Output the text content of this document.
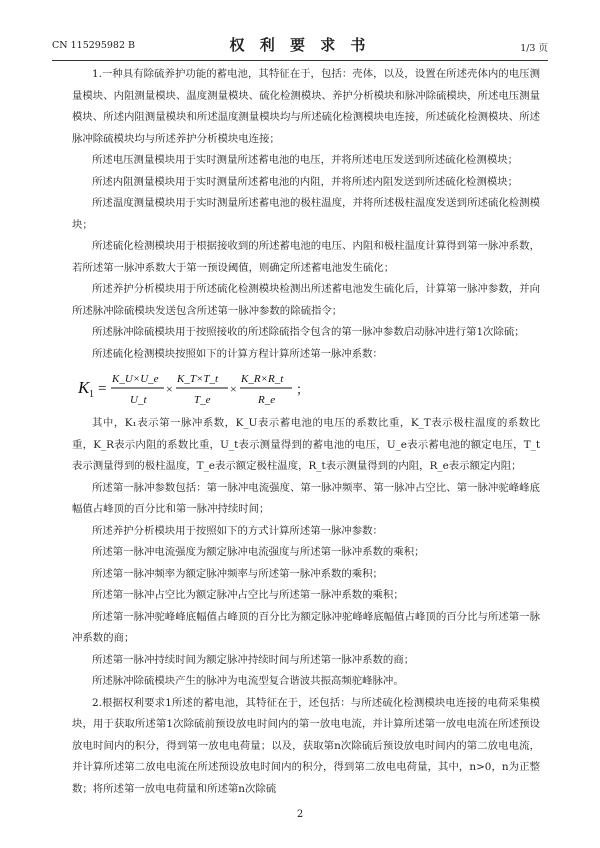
CN 115295982 B	权 利 要 求 书	1/3 页

1.一种具有除硫养护功能的蓄电池，其特征在于，包括：壳体，以及，设置在所述壳体内的电压测量模块、内阻测量模块、温度测量模块、硫化检测模块、养护分析模块和脉冲除硫模块，所述电压测量模块、所述内阻测量模块和所述温度测量模块均与所述硫化检测模块电连接，所述硫化检测模块、所述脉冲除硫模块均与所述养护分析模块电连接；

所述电压测量模块用于实时测量所述蓄电池的电压，并将所述电压发送到所述硫化检测模块；

所述内阻测量模块用于实时测量所述蓄电池的内阻，并将所述内阻发送到所述硫化检测模块；

所述温度测量模块用于实时测量所述蓄电池的极柱温度，并将所述极柱温度发送到所述硫化检测模块；

所述硫化检测模块用于根据接收到的所述蓄电池的电压、内阻和极柱温度计算得到第一脉冲系数，若所述第一脉冲系数大于第一预设阈值，则确定所述蓄电池发生硫化；

所述养护分析模块用于所述硫化检测模块检测出所述蓄电池发生硫化后，计算第一脉冲参数，并向所述脉冲除硫模块发送包含所述第一脉冲参数的除硫指令；

所述脉冲除硫模块用于按照接收的所述除硫指令包含的第一脉冲参数启动脉冲进行第1次除硫；

所述硫化检测模块按照如下的计算方程计算所述第一脉冲系数：

K 1 =
K_U×U_e
U_t
×
K_T×T_t
T_e
×
K_R×R_t
R_e
；

其中，K₁表示第一脉冲系数，K_U表示蓄电池的电压的系数比重，K_T表示极柱温度的系数比重，K_R表示内阻的系数比重，U_t表示测量得到的蓄电池的电压，U_e表示蓄电池的额定电压，T_t表示测量得到的极柱温度，T_e表示额定极柱温度，R_t表示测量得到的内阻，R_e表示额定内阻；

所述第一脉冲参数包括：第一脉冲电流强度、第一脉冲频率、第一脉冲占空比、第一脉冲驼峰峰底幅值占峰顶的百分比和第一脉冲持续时间；

所述养护分析模块用于按照如下的方式计算所述第一脉冲参数：

所述第一脉冲电流强度为额定脉冲电流强度与所述第一脉冲系数的乘积；

所述第一脉冲频率为额定脉冲频率与所述第一脉冲系数的乘积；

所述第一脉冲占空比为额定脉冲占空比与所述第一脉冲系数的乘积；

所述第一脉冲驼峰峰底幅值占峰顶的百分比为额定脉冲驼峰峰底幅值占峰顶的百分比与所述第一脉冲系数的商；

所述第一脉冲持续时间为额定脉冲持续时间与所述第一脉冲系数的商；

所述脉冲除硫模块产生的脉冲为电流型复合谐波共振高频驼峰脉冲。

2.根据权利要求1所述的蓄电池，其特征在于，还包括：与所述硫化检测模块电连接的电荷采集模块，用于获取所述第1次除硫前预设放电时间内的第一放电电流，并计算所述第一放电电流在所述预设放电时间内的积分，得到第一放电电荷量；以及，获取第n次除硫后预设放电时间内的第二放电电流，并计算所述第二放电电流在所述预设放电时间内的积分，得到第二放电电荷量，其中，n>0，n为正整数；将所述第一放电电荷量和所述第n次除硫

2
